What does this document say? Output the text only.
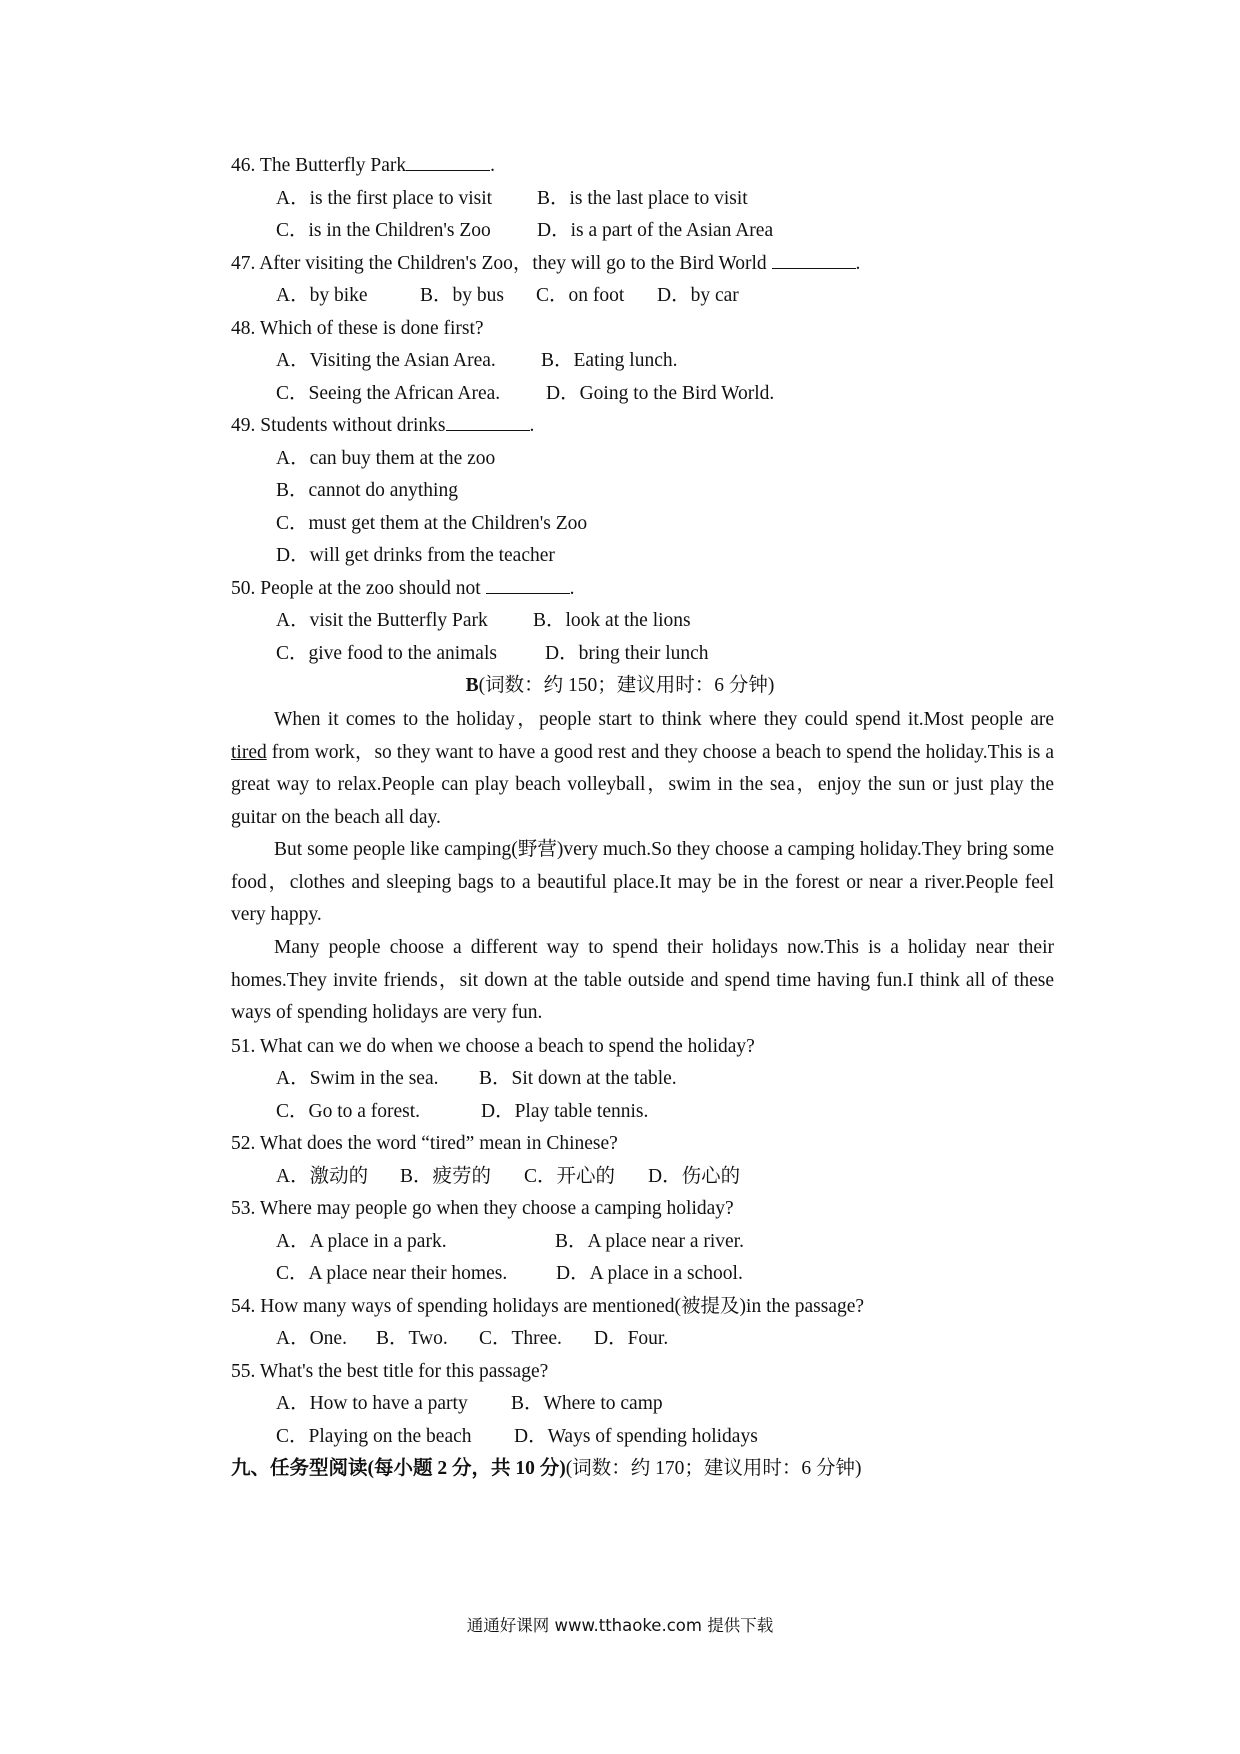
46. The Butterfly Park	.
A．is the first place to visit B．is the last place to visit
C．is in the Children's Zoo D．is a part of the Asian Area
47. After visiting the Children's Zoo，they will go to the Bird World	.
A．by bike	B．by bus C．on foot D．by car
48. Which of these is done first?
A．Visiting the Asian Area. B．Eating lunch.
C．Seeing the African Area. D．Going to the Bird World.
49. Students without drinks	.
A．can buy them at the zoo
B．cannot do anything
C．must get them at the Children's Zoo
D．will get drinks from the teacher
50. People at the zoo should not	.
A．visit the Butterfly Park B．look at the lions
C．give food to the animals D．bring their lunch
B(词数：约 150；建议用时：6 分钟)
When it comes to the holiday，people start to think where they could spend it.Most people are tired from work，so they want to have a good rest and they choose a beach to spend the holiday.This is a great way to relax.People can play beach volleyball，swim in the sea，enjoy the sun or just play the guitar on the beach all day.
But some people like camping(野营)very much.So they choose a camping holiday.They bring some food，clothes and sleeping bags to a beautiful place.It may be in the forest or near a river.People feel very happy.
Many people choose a different way to spend their holidays now.This is a holiday near their homes.They invite friends，sit down at the table outside and spend time having fun.I think all of these ways of spending holidays are very fun.
51. What can we do when we choose a beach to spend the holiday?
A．Swim in the sea. B．Sit down at the table.
C．Go to a forest.	D．Play table tennis.
52. What does the word “tired” mean in Chinese?
A．激动的 B．疲劳的 C．开心的 D．伤心的
53. Where may people go when they choose a camping holiday?
A．A place in a park.	B．A place near a river.
C．A place near their homes.	D．A place in a school.
54. How many ways of spending holidays are mentioned(被提及)in the passage?
A．One. B．Two. C．Three. D．Four.
55. What's the best title for this passage?
A．How to have a party B．Where to camp
C．Playing on the beach D．Ways of spending holidays
九、任务型阅读(每小题 2 分，共 10 分)(词数：约 170；建议用时：6 分钟)
通通好课网 www.tthaoke.com 提供下载
